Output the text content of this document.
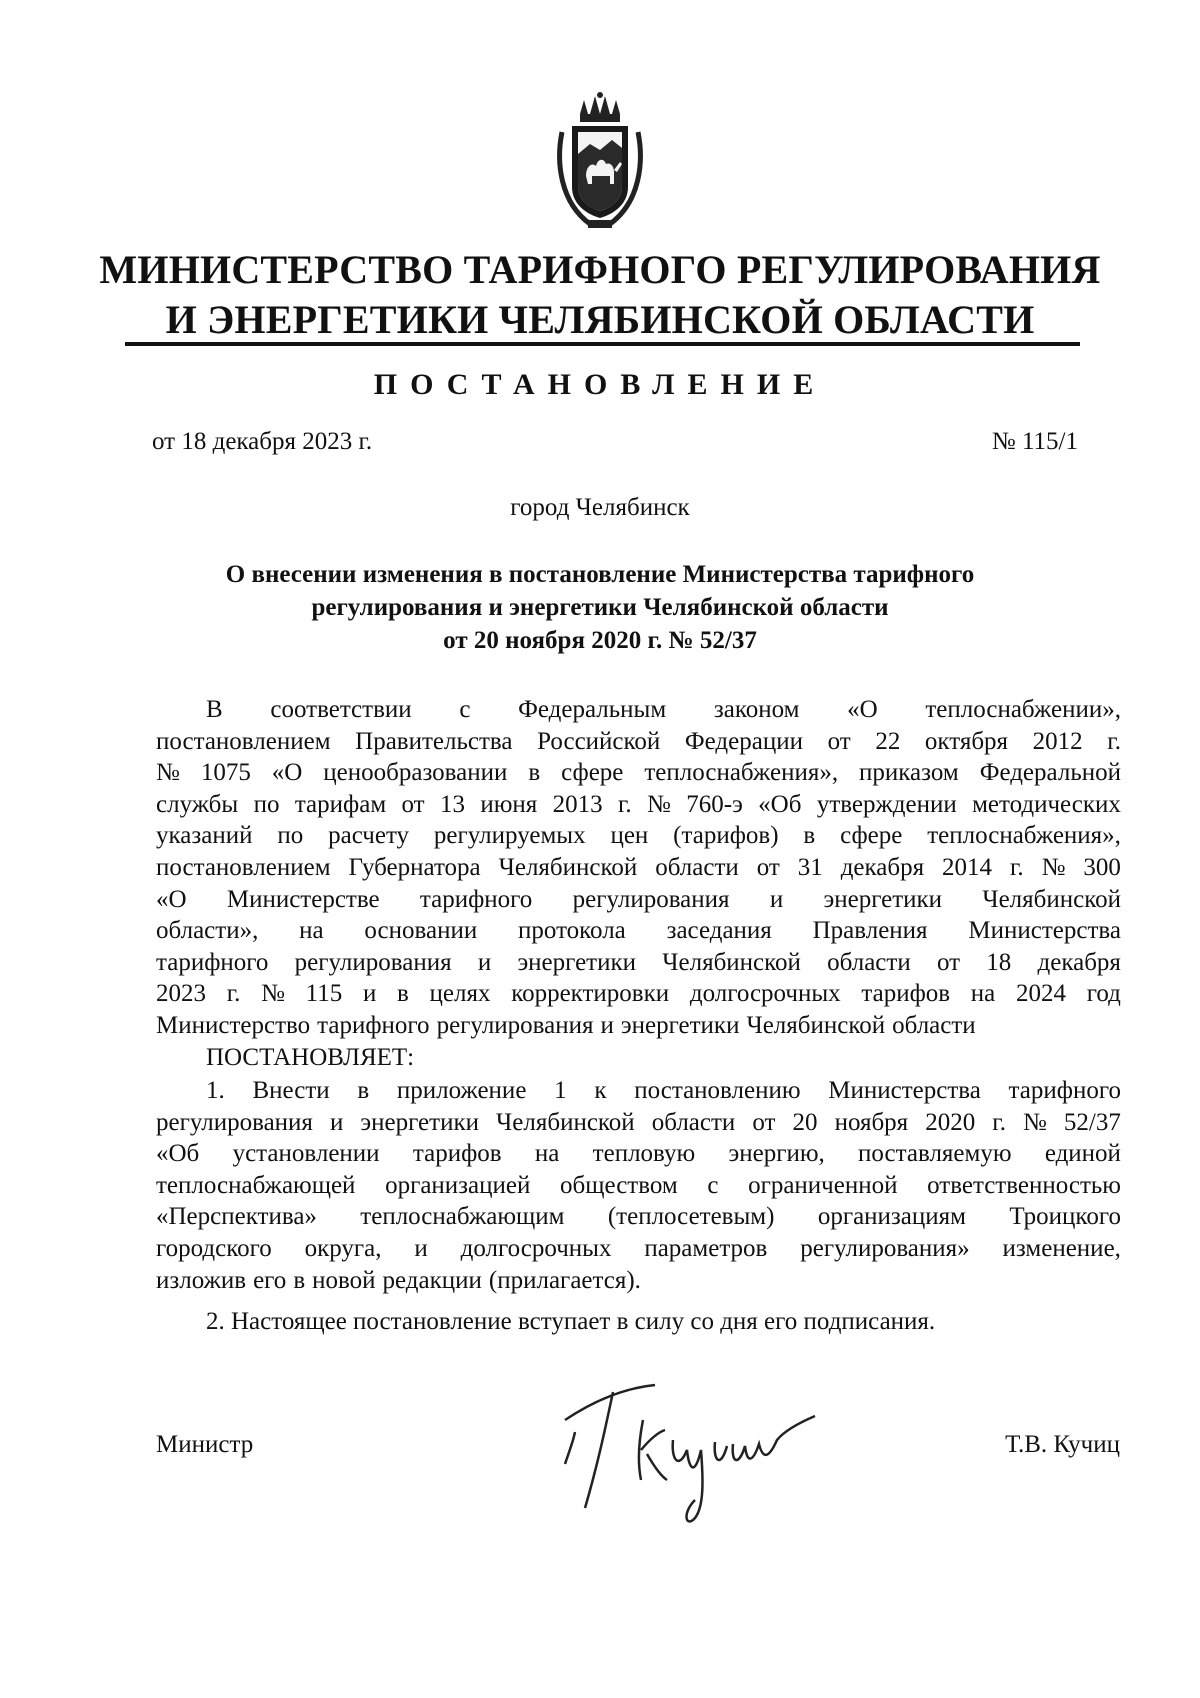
МИНИСТЕРСТВО ТАРИФНОГО РЕГУЛИРОВАНИЯ
И ЭНЕРГЕТИКИ ЧЕЛЯБИНСКОЙ ОБЛАСТИ
ПОСТАНОВЛЕНИЕ
от 18 декабря 2023 г.	№ 115/1
город Челябинск
О внесении изменения в постановление Министерства тарифного
регулирования и энергетики Челябинской области
от 20 ноября 2020 г. № 52/37
В соответствии с Федеральным законом «О теплоснабжении»,
постановлением Правительства Российской Федерации от 22 октября 2012 г.
№ 1075 «О ценообразовании в сфере теплоснабжения», приказом Федеральной
службы по тарифам от 13 июня 2013 г. № 760-э «Об утверждении методических
указаний по расчету регулируемых цен (тарифов) в сфере теплоснабжения»,
постановлением Губернатора Челябинской области от 31 декабря 2014 г. № 300
«О Министерстве тарифного регулирования и энергетики Челябинской
области», на основании протокола заседания Правления Министерства
тарифного регулирования и энергетики Челябинской области от 18 декабря
2023 г. № 115 и в целях корректировки долгосрочных тарифов на 2024 год
Министерство тарифного регулирования и энергетики Челябинской области
ПОСТАНОВЛЯЕТ:
1. Внести в приложение 1 к постановлению Министерства тарифного
регулирования и энергетики Челябинской области от 20 ноября 2020 г. № 52/37
«Об установлении тарифов на тепловую энергию, поставляемую единой
теплоснабжающей организацией обществом с ограниченной ответственностью
«Перспектива» теплоснабжающим (теплосетевым) организациям Троицкого
городского округа, и долгосрочных параметров регулирования» изменение,
изложив его в новой редакции (прилагается).
2. Настоящее постановление вступает в силу со дня его подписания.
Министр	Т.В. Кучиц
